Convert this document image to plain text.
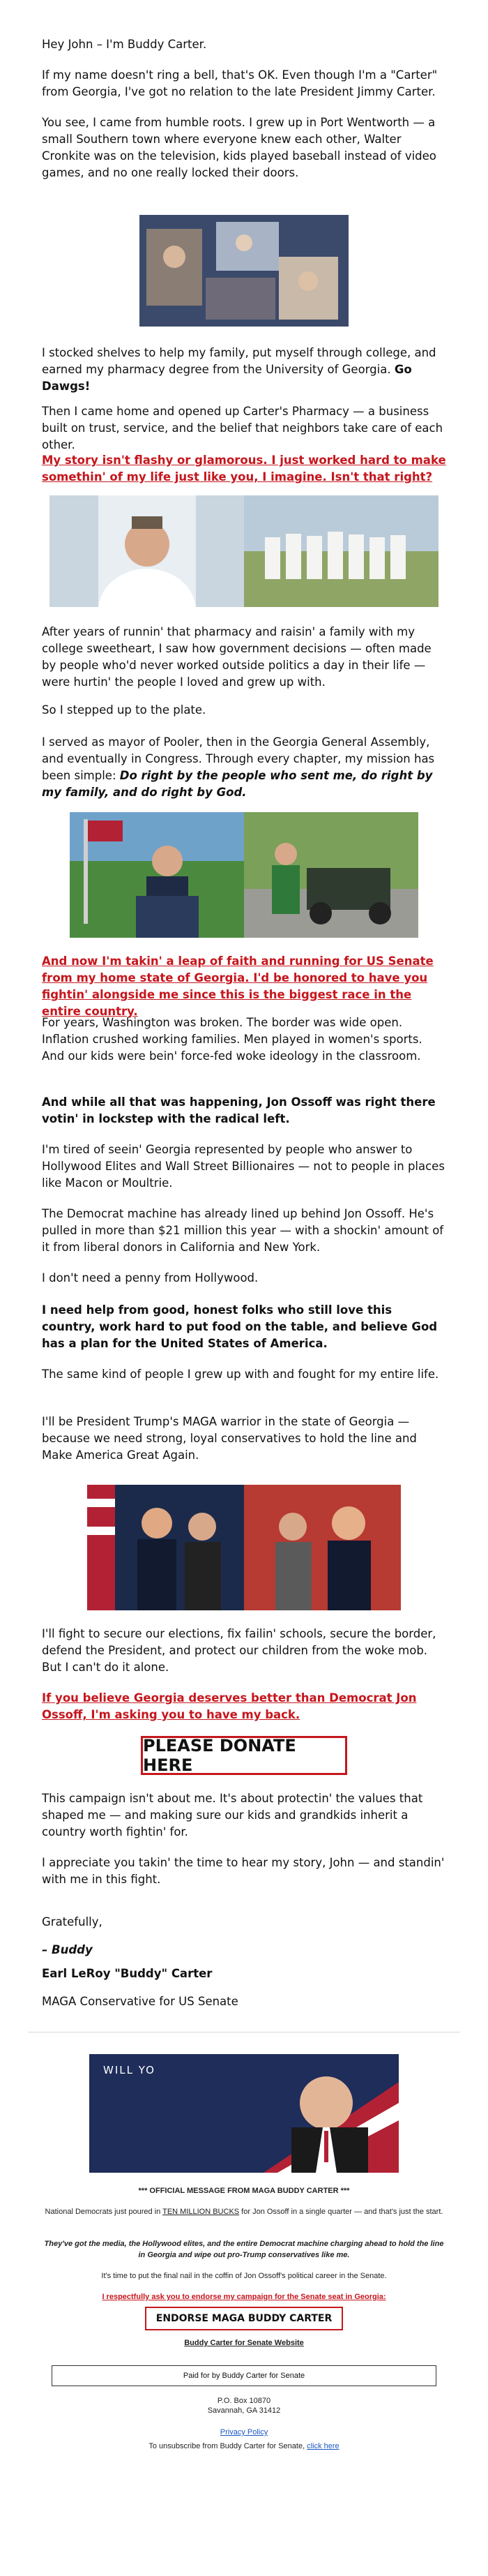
Hey John – I'm Buddy Carter.

If my name doesn't ring a bell, that's OK. Even though I'm a "Carter" from Georgia, I've got no relation to the late President Jimmy Carter.

You see, I came from humble roots. I grew up in Port Wentworth — a small Southern town where everyone knew each other, Walter Cronkite was on the television, kids played baseball instead of video games, and no one really locked their doors.

I stocked shelves to help my family, put myself through college, and earned my pharmacy degree from the University of Georgia. Go Dawgs!

Then I came home and opened up Carter's Pharmacy — a business built on trust, service, and the belief that neighbors take care of each other.

My story isn't flashy or glamorous. I just worked hard to make somethin' of my life just like you, I imagine. Isn't that right?

After years of runnin' that pharmacy and raisin' a family with my college sweetheart, I saw how government decisions — often made by people who'd never worked outside politics a day in their life — were hurtin' the people I loved and grew up with.

So I stepped up to the plate.

I served as mayor of Pooler, then in the Georgia General Assembly, and eventually in Congress. Through every chapter, my mission has been simple: Do right by the people who sent me, do right by my family, and do right by God.

And now I'm takin' a leap of faith and running for US Senate from my home state of Georgia. I'd be honored to have you fightin' alongside me since this is the biggest race in the entire country.

For years, Washington was broken. The border was wide open. Inflation crushed working families. Men played in women's sports. And our kids were bein' force-fed woke ideology in the classroom.

And while all that was happening, Jon Ossoff was right there votin' in lockstep with the radical left.

I'm tired of seein' Georgia represented by people who answer to Hollywood Elites and Wall Street Billionaires — not to people in places like Macon or Moultrie.

The Democrat machine has already lined up behind Jon Ossoff. He's pulled in more than $21 million this year — with a shockin' amount of it from liberal donors in California and New York.

I don't need a penny from Hollywood.

I need help from good, honest folks who still love this country, work hard to put food on the table, and believe God has a plan for the United States of America.

The same kind of people I grew up with and fought for my entire life.

I'll be President Trump's MAGA warrior in the state of Georgia — because we need strong, loyal conservatives to hold the line and Make America Great Again.

I'll fight to secure our elections, fix failin' schools, secure the border, defend the President, and protect our children from the woke mob. But I can't do it alone.

If you believe Georgia deserves better than Democrat Jon Ossoff, I'm asking you to have my back.

PLEASE DONATE HERE

This campaign isn't about me. It's about protectin' the values that shaped me — and making sure our kids and grandkids inherit a country worth fightin' for.

I appreciate you takin' the time to hear my story, John — and standin' with me in this fight.

Gratefully,

– Buddy

Earl LeRoy "Buddy" Carter

MAGA Conservative for US Senate

WILL YO
*** OFFICIAL MESSAGE FROM MAGA BUDDY CARTER ***
National Democrats just poured in TEN MILLION BUCKS for Jon Ossoff in a single quarter — and that's just the start.
They've got the media, the Hollywood elites, and the entire Democrat machine charging ahead to hold the line in Georgia and wipe out pro-Trump conservatives like me.
It's time to put the final nail in the coffin of Jon Ossoff's political career in the Senate.
I respectfully ask you to endorse my campaign for the Senate seat in Georgia:
ENDORSE MAGA BUDDY CARTER
Buddy Carter for Senate Website
Paid for by Buddy Carter for Senate
P.O. Box 10870
Savannah, GA 31412
Privacy Policy
To unsubscribe from Buddy Carter for Senate, click here
